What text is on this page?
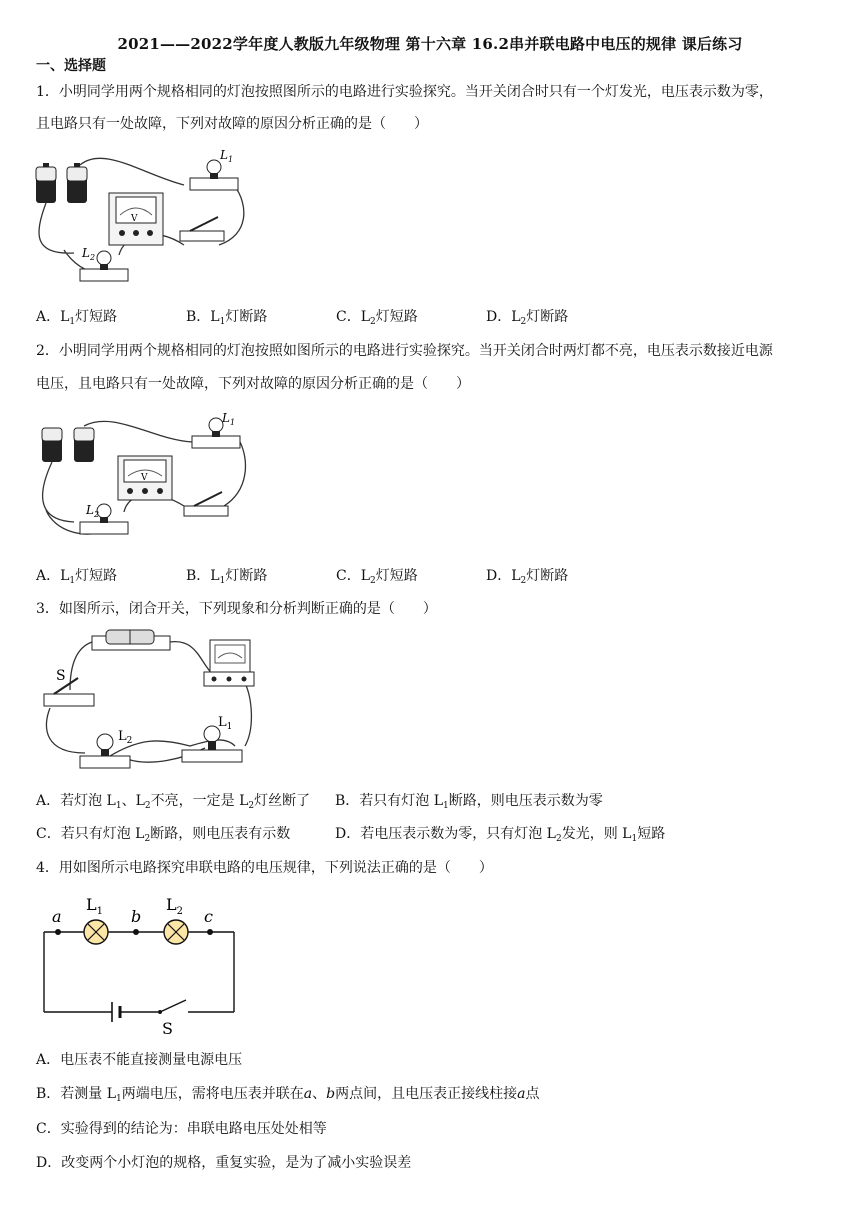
2021——2022学年度人教版九年级物理 第十六章 16.2串并联电路中电压的规律 课后练习
一、选择题
1．小明同学用两个规格相同的灯泡按照图所示的电路进行实验探究。当开关闭合时只有一个灯发光，电压表示数为零，
且电路只有一处故障，下列对故障的原因分析正确的是（　　）
$L_1$
V
$L_2$
A．$L_1$灯短路	B．$L_1$灯断路	C．$L_2$灯短路	D．$L_2$灯断路
2．小明同学用两个规格相同的灯泡按照如图所示的电路进行实验探究。当开关闭合时两灯都不亮，电压表示数接近电源
电压，且电路只有一处故障，下列对故障的原因分析正确的是（　　）
$L_1$
V
$L_2$
A．$L_1$灯短路	B．$L_1$灯断路	C．$L_2$灯短路	D．$L_2$灯断路
3．如图所示，闭合开关，下列现象和分析判断正确的是（　　）
S
$L_2$
$L_1$
A．若灯泡 $L_1$、$L_2$不亮，一定是 $L_2$灯丝断了 B．若只有灯泡 $L_1$断路，则电压表示数为零
C．若只有灯泡 $L_2$断路，则电压表有示数	D．若电压表示数为零，只有灯泡 $L_2$发光，则 $L_1$短路
4．用如图所示电路探究串联电路的电压规律，下列说法正确的是（　　）
a	b	c
$L_1$	$L_2$
S
A．电压表不能直接测量电源电压
B．若测量 $L_1$两端电压，需将电压表并联在a、b两点间，且电压表正接线柱接a点
C．实验得到的结论为：串联电路电压处处相等
D．改变两个小灯泡的规格，重复实验，是为了减小实验误差
